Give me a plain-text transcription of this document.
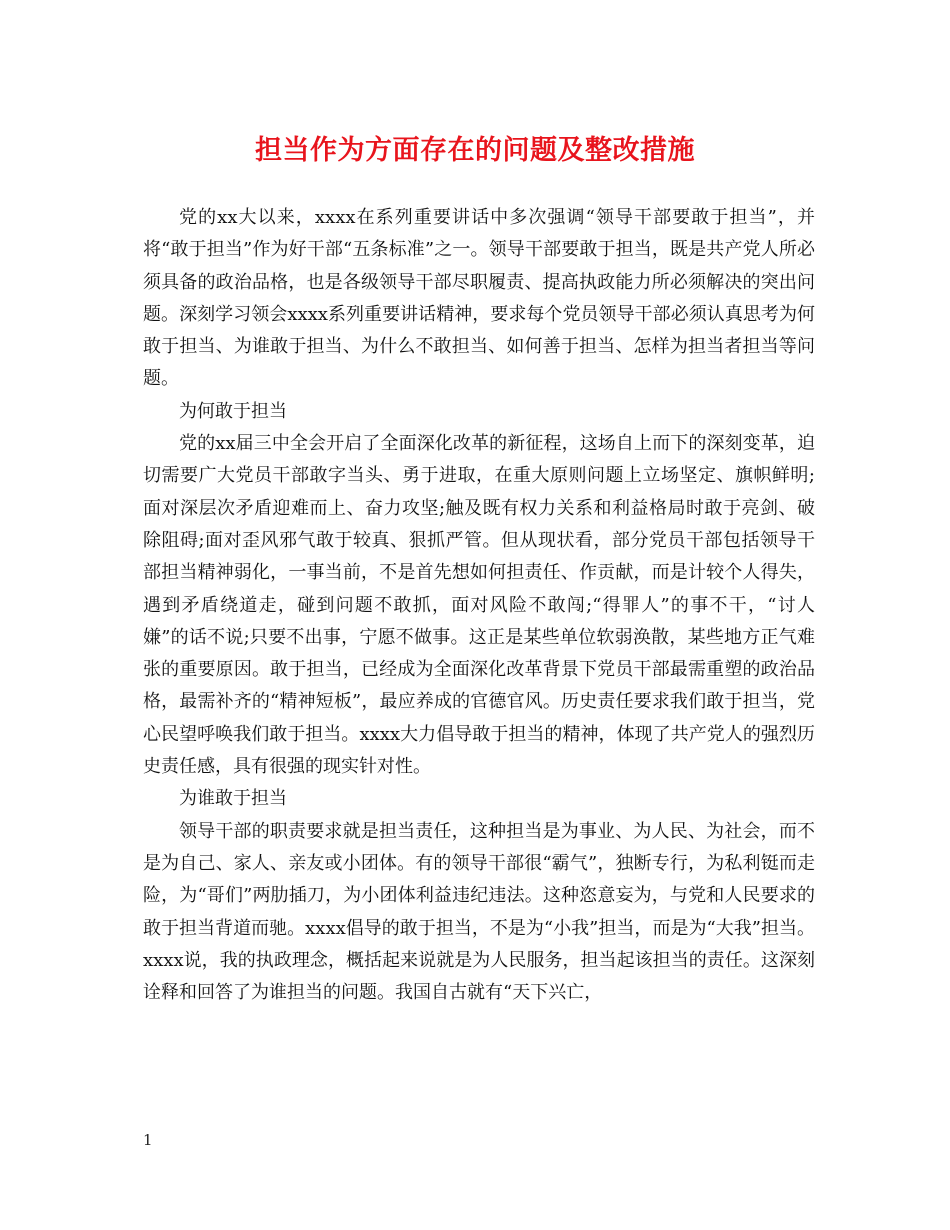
担当作为方面存在的问题及整改措施

党的xx大以来，xxxx在系列重要讲话中多次强调“领导干部要敢于担当”，并将“敢于担当”作为好干部“五条标准”之一。领导干部要敢于担当，既是共产党人所必须具备的政治品格，也是各级领导干部尽职履责、提高执政能力所必须解决的突出问题。深刻学习领会xxxx系列重要讲话精神，要求每个党员领导干部必须认真思考为何敢于担当、为谁敢于担当、为什么不敢担当、如何善于担当、怎样为担当者担当等问题。

为何敢于担当

党的xx届三中全会开启了全面深化改革的新征程，这场自上而下的深刻变革，迫切需要广大党员干部敢字当头、勇于进取，在重大原则问题上立场坚定、旗帜鲜明;面对深层次矛盾迎难而上、奋力攻坚;触及既有权力关系和利益格局时敢于亮剑、破除阻碍;面对歪风邪气敢于较真、狠抓严管。但从现状看，部分党员干部包括领导干部担当精神弱化，一事当前，不是首先想如何担责任、作贡献，而是计较个人得失，遇到矛盾绕道走，碰到问题不敢抓，面对风险不敢闯;“得罪人”的事不干，“讨人嫌”的话不说;只要不出事，宁愿不做事。这正是某些单位软弱涣散，某些地方正气难张的重要原因。敢于担当，已经成为全面深化改革背景下党员干部最需重塑的政治品格，最需补齐的“精神短板”，最应养成的官德官风。历史责任要求我们敢于担当，党心民望呼唤我们敢于担当。xxxx大力倡导敢于担当的精神，体现了共产党人的强烈历史责任感，具有很强的现实针对性。

为谁敢于担当

领导干部的职责要求就是担当责任，这种担当是为事业、为人民、为社会，而不是为自己、家人、亲友或小团体。有的领导干部很“霸气”，独断专行，为私利铤而走险，为“哥们”两肋插刀，为小团体利益违纪违法。这种恣意妄为，与党和人民要求的敢于担当背道而驰。xxxx倡导的敢于担当，不是为“小我”担当，而是为“大我”担当。xxxx说，我的执政理念，概括起来说就是为人民服务，担当起该担当的责任。这深刻诠释和回答了为谁担当的问题。我国自古就有“天下兴亡，

1
